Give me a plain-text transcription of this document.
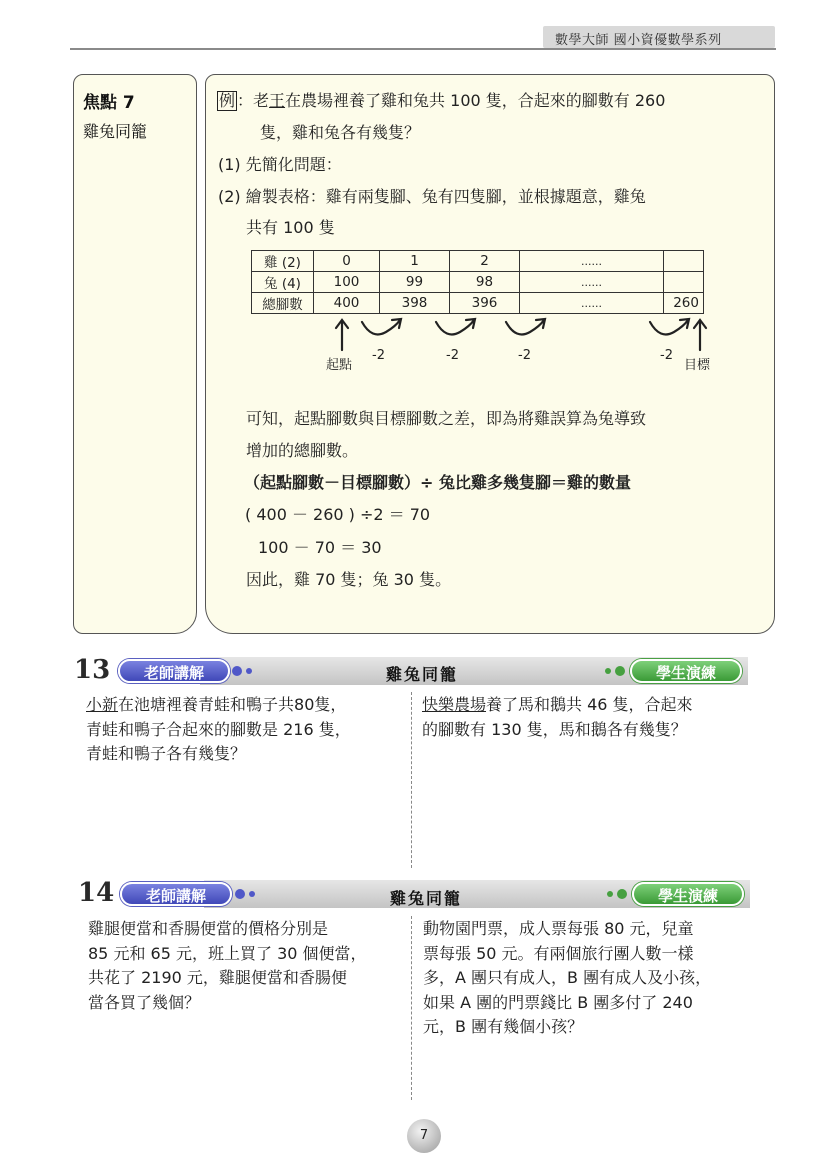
數學大師 國小資優數學系列
焦點 7
雞兔同籠
例 ：老王在農場裡養了雞和兔共 100 隻，合起來的腳數有 260
隻，雞和兔各有幾隻？
(1) 先簡化問題：
(2) 繪製表格：雞有兩隻腳、兔有四隻腳，並根據題意，雞兔
共有 100 隻
雞 (2)	0	1	2	......	
兔 (4)	100	99	98	......	
總腳數	400	398	396	......	260
起點
-2	-2	-2	-2
目標
可知，起點腳數與目標腳數之差，即為將雞誤算為兔導致
增加的總腳數。
（起點腳數－目標腳數）÷ 兔比雞多幾隻腳＝雞的數量
( 400 － 260 ) ÷2 ＝ 70
100 － 70 ＝ 30
因此，雞 70 隻；兔 30 隻。
13	老師講解	雞兔同籠	學生演練
小新在池塘裡養青蛙和鴨子共80隻，
青蛙和鴨子合起來的腳數是 216 隻，
青蛙和鴨子各有幾隻？
快樂農場養了馬和鵝共 46 隻，合起來
的腳數有 130 隻，馬和鵝各有幾隻？
14	老師講解	雞兔同籠	學生演練
雞腿便當和香腸便當的價格分別是
85 元和 65 元，班上買了 30 個便當，
共花了 2190 元，雞腿便當和香腸便
當各買了幾個？
動物園門票，成人票每張 80 元，兒童
票每張 50 元。有兩個旅行團人數一樣
多，A 團只有成人，B 團有成人及小孩，
如果 A 團的門票錢比 B 團多付了 240
元，B 團有幾個小孩？
7
